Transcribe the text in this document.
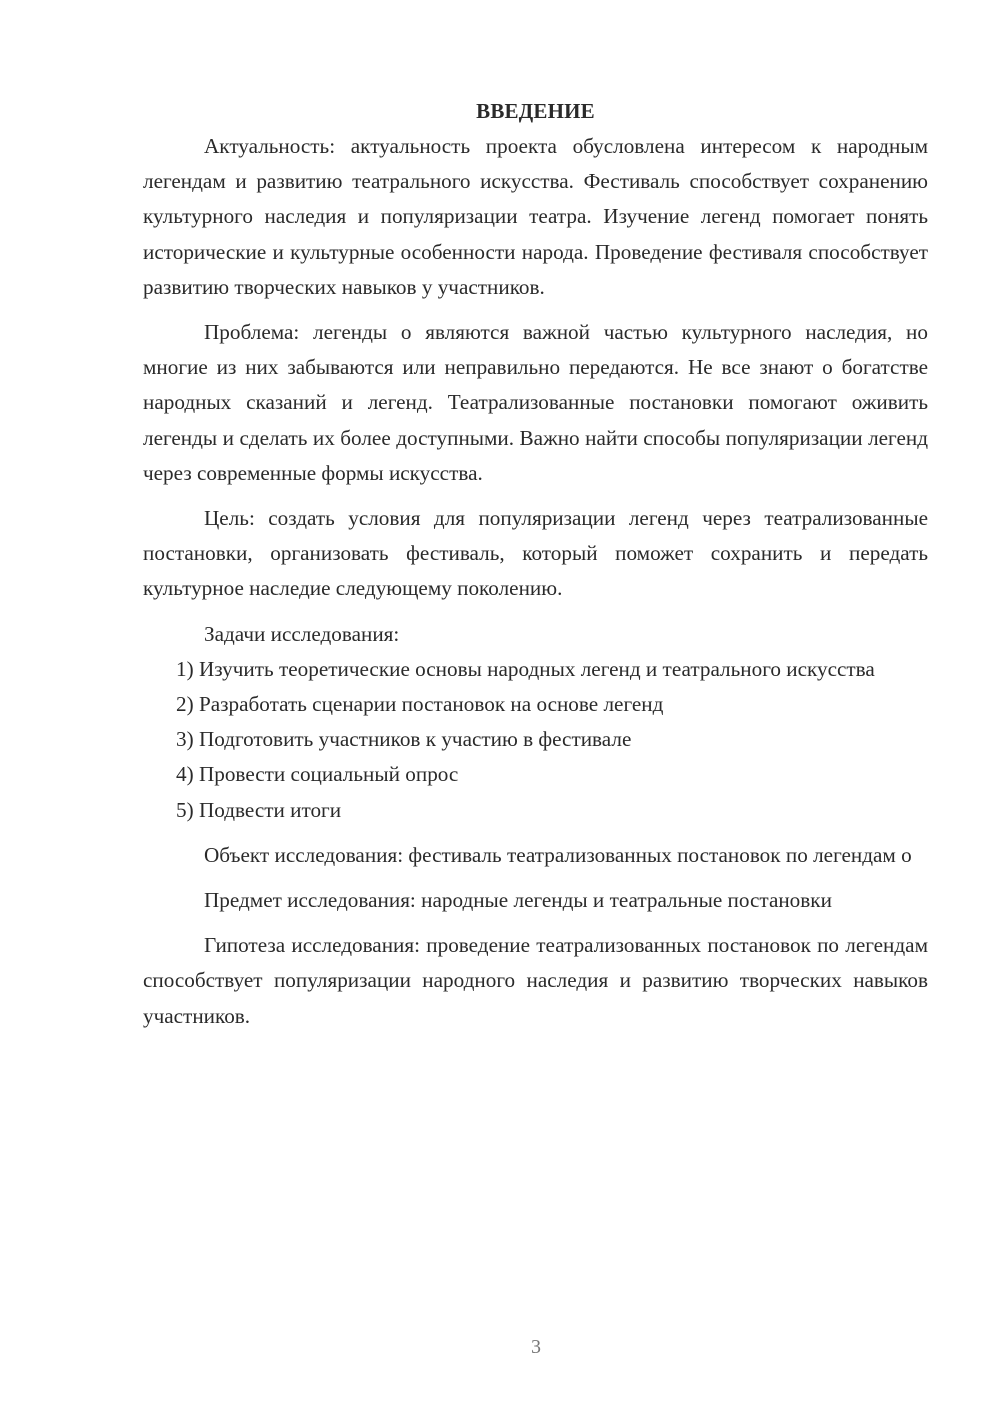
ВВЕДЕНИЕ

Актуальность: актуальность проекта обусловлена интересом к народным легендам и развитию театрального искусства. Фестиваль способствует сохранению культурного наследия и популяризации театра. Изучение легенд помогает понять исторические и культурные особенности народа. Проведение фестиваля способствует развитию творческих навыков у участников.

Проблема: легенды о являются важной частью культурного наследия, но многие из них забываются или неправильно передаются. Не все знают о богатстве народных сказаний и легенд. Театрализованные постановки помогают оживить легенды и сделать их более доступными. Важно найти способы популяризации легенд через современные формы искусства.

Цель: создать условия для популяризации легенд через театрализованные постановки, организовать фестиваль, который поможет сохранить и передать культурное наследие следующему поколению.

Задачи исследования:

1) Изучить теоретические основы народных легенд и театрального искусства

2) Разработать сценарии постановок на основе легенд

3) Подготовить участников к участию в фестивале

4) Провести социальный опрос

5) Подвести итоги

Объект исследования: фестиваль театрализованных постановок по легендам о

Предмет исследования: народные легенды и театральные постановки

Гипотеза исследования: проведение театрализованных постановок по легендам способствует популяризации народного наследия и развитию творческих навыков участников.

3
